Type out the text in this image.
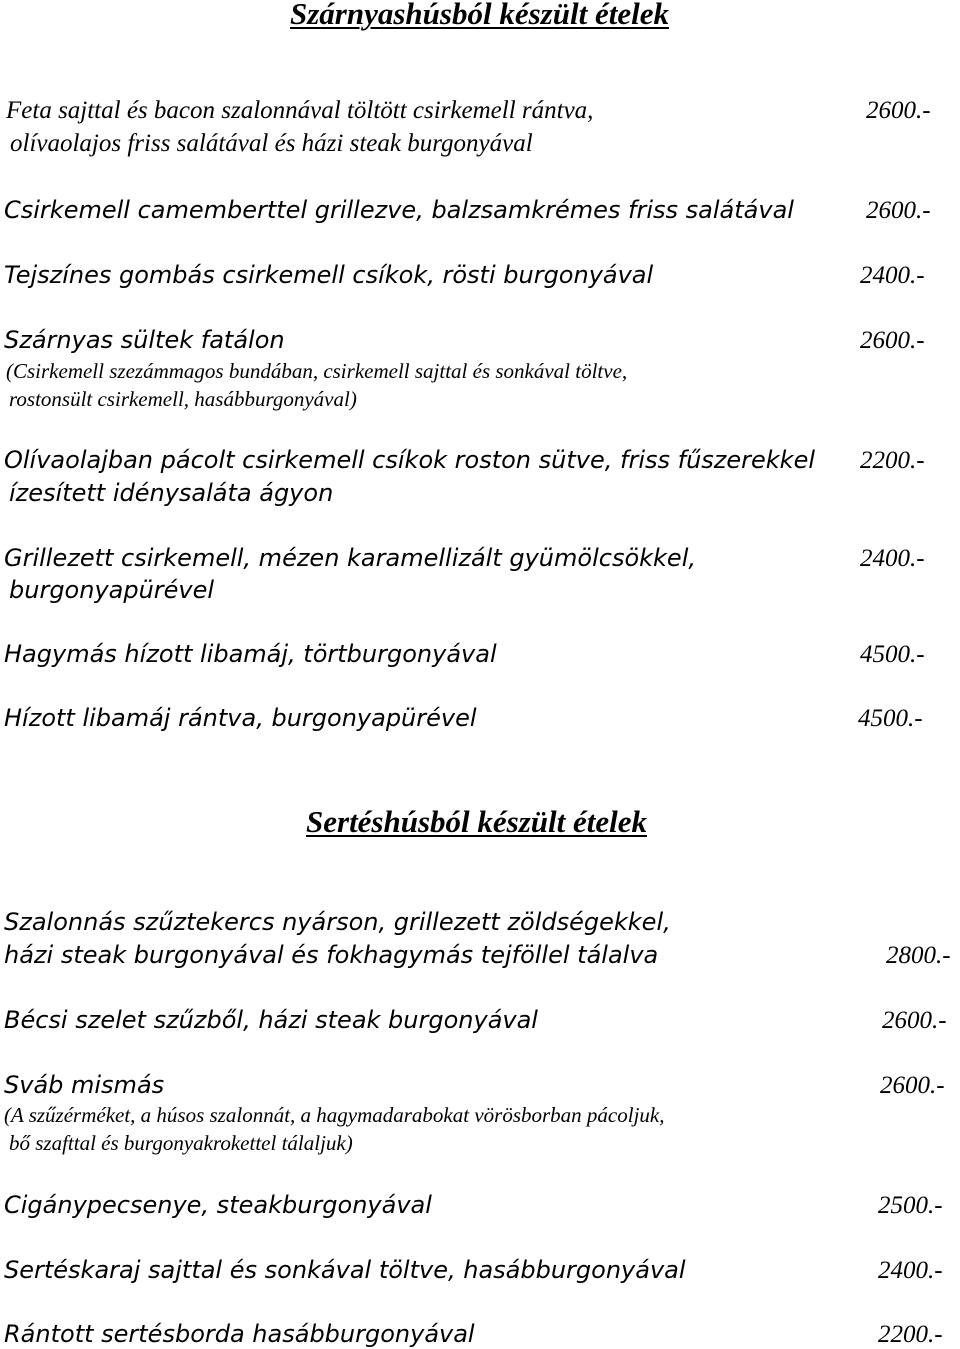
Szárnyashúsból készült ételek
Feta sajttal és bacon szalonnával töltött csirkemell rántva,
olívaolajos friss salátával és házi steak burgonyával
2600.-
Csirkemell camemberttel grillezve, balzsamkrémes friss salátával	2600.-
Tejszínes gombás csirkemell csíkok, rösti burgonyával	2400.-
Szárnyas sültek fatálon	2600.-
(Csirkemell szezámmagos bundában, csirkemell sajttal és sonkával töltve,
rostonsült csirkemell, hasábburgonyával)
Olívaolajban pácolt csirkemell csíkok roston sütve, friss fűszerekkel
ízesített idénysaláta ágyon
2200.-
Grillezett csirkemell, mézen karamellizált gyümölcsökkel,
burgonyapürével
2400.-
Hagymás hízott libamáj, törtburgonyával	4500.-
Hízott libamáj rántva, burgonyapürével	4500.-
Sertéshúsból készült ételek
Szalonnás szűztekercs nyárson, grillezett zöldségekkel,
házi steak burgonyával és fokhagymás tejföllel tálalva	2800.-
Bécsi szelet szűzből, házi steak burgonyával	2600.-
Sváb mismás	2600.-
(A szűzérméket, a húsos szalonnát, a hagymadarabokat vörösborban pácoljuk,
bő szafttal és burgonyakrokettel tálaljuk)
Cigánypecsenye, steakburgonyával	2500.-
Sertéskaraj sajttal és sonkával töltve, hasábburgonyával	2400.-
Rántott sertésborda hasábburgonyával	2200.-
